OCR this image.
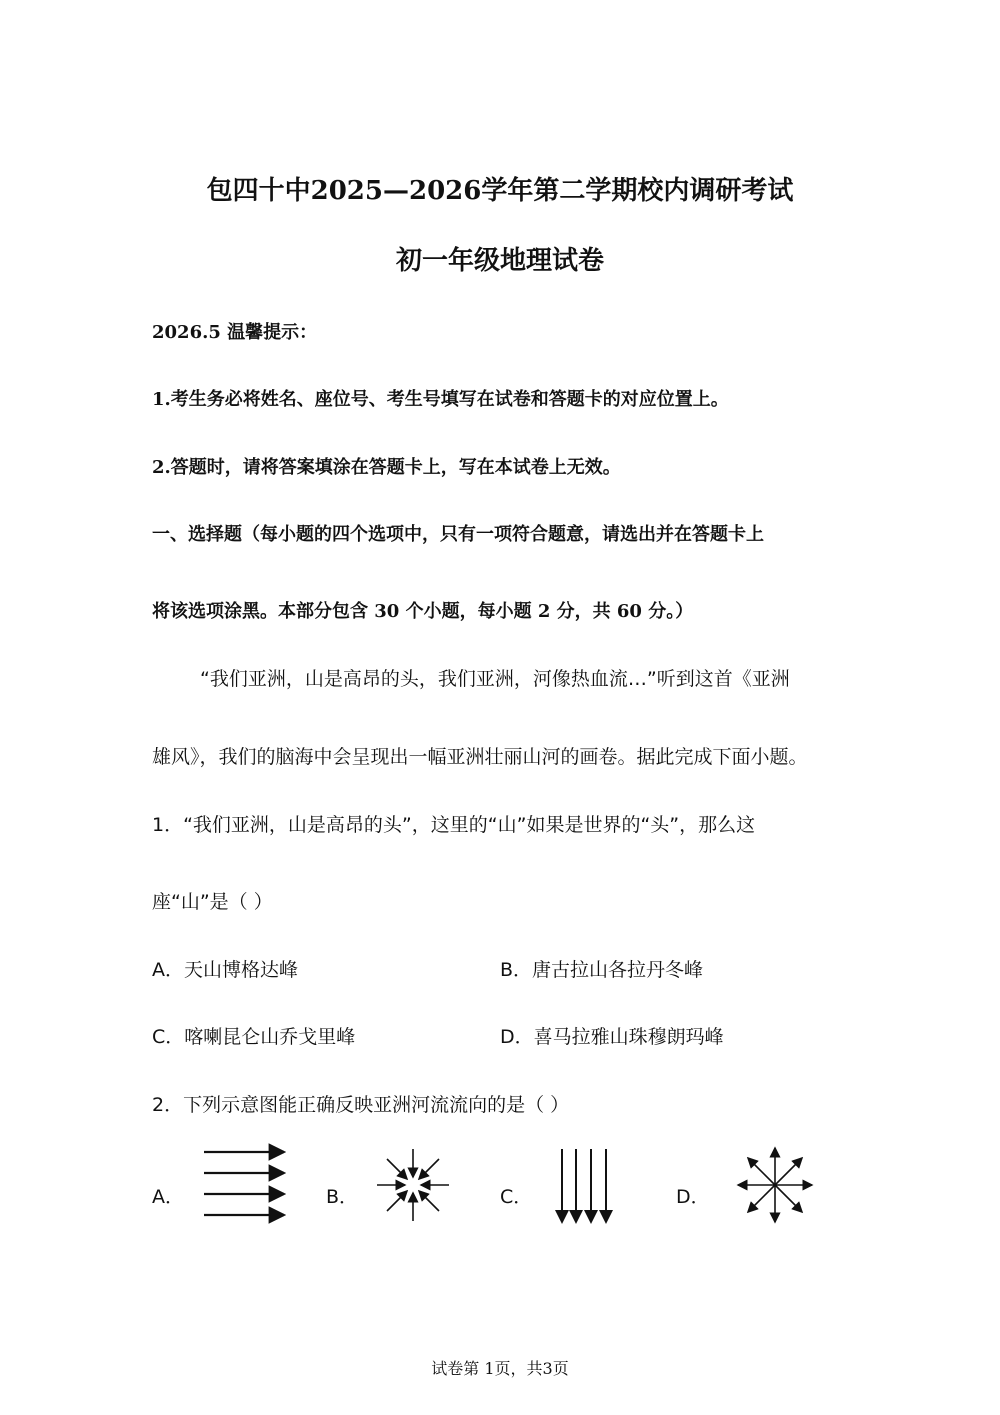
包四十中2025—2026学年第二学期校内调研考试
初一年级地理试卷
2026.5 温馨提示：
1.考生务必将姓名、座位号、考生号填写在试卷和答题卡的对应位置上。
2.答题时，请将答案填涂在答题卡上，写在本试卷上无效。
一、选择题（每小题的四个选项中，只有一项符合题意，请选出并在答题卡上
将该选项涂黑。本部分包含 30 个小题，每小题 2 分，共 60 分。）
“我们亚洲，山是高昂的头，我们亚洲，河像热血流…”听到这首《亚洲
雄风》，我们的脑海中会呈现出一幅亚洲壮丽山河的画卷。据此完成下面小题。
1．“我们亚洲，山是高昂的头”，这里的“山”如果是世界的“头”，那么这
座“山”是（ ）
A．天山博格达峰	B．唐古拉山各拉丹冬峰
C．喀喇昆仑山乔戈里峰	D．喜马拉雅山珠穆朗玛峰
2．下列示意图能正确反映亚洲河流流向的是（ ）
A．	B．	C．	D．
试卷第 1页，共3页
